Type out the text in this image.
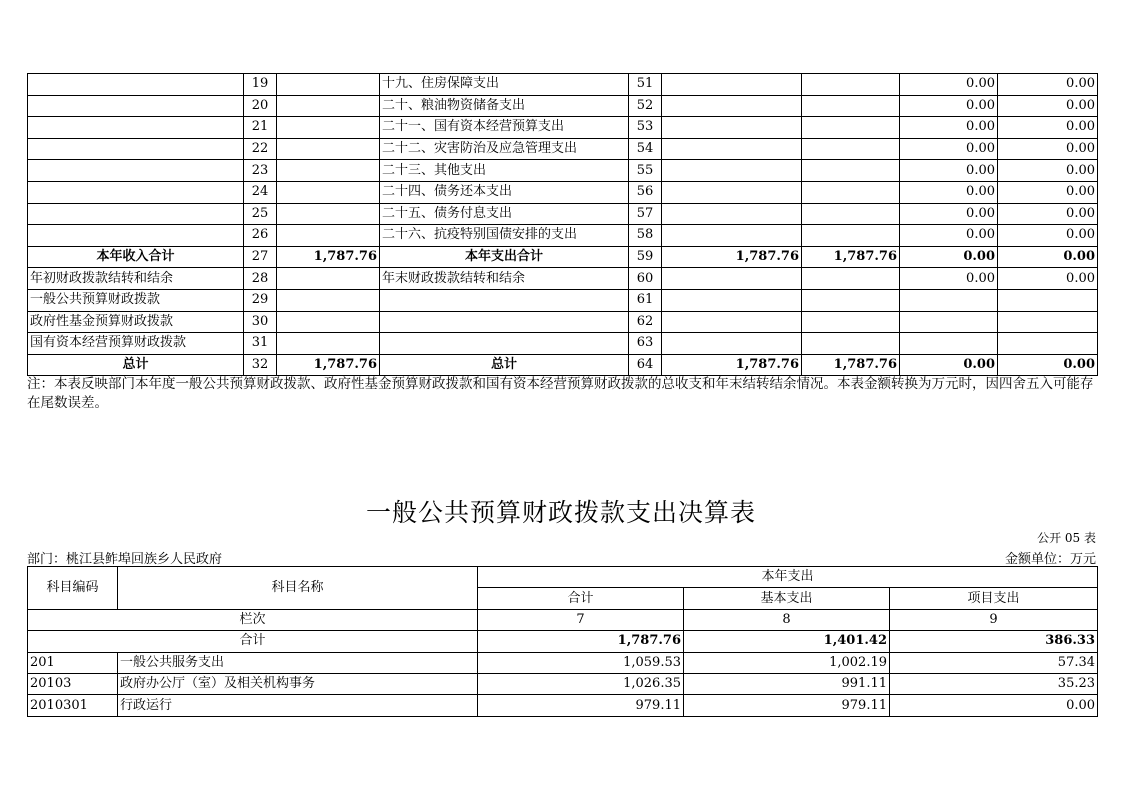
	19		十九、住房保障支出	51			0.00	0.00
	20		二十、粮油物资储备支出	52			0.00	0.00
	21		二十一、国有资本经营预算支出	53			0.00	0.00
	22		二十二、灾害防治及应急管理支出	54			0.00	0.00
	23		二十三、其他支出	55			0.00	0.00
	24		二十四、债务还本支出	56			0.00	0.00
	25		二十五、债务付息支出	57			0.00	0.00
	26		二十六、抗疫特别国债安排的支出	58			0.00	0.00
本年收入合计	27	1,787.76	本年支出合计	59	1,787.76	1,787.76	0.00	0.00
年初财政拨款结转和结余	28		年末财政拨款结转和结余	60			0.00	0.00
一般公共预算财政拨款	29			61				
政府性基金预算财政拨款	30			62				
国有资本经营预算财政拨款	31			63				
总计	32	1,787.76	总计	64	1,787.76	1,787.76	0.00	0.00
注：本表反映部门本年度一般公共预算财政拨款、政府性基金预算财政拨款和国有资本经营预算财政拨款的总收支和年末结转结余情况。本表金额转换为万元时，因四舍五入可能存在尾数误差。
一般公共预算财政拨款支出决算表
公开 05 表
部门：桃江县鲊埠回族乡人民政府	金额单位：万元
科目编码	科目名称	本年支出		
		合计	基本支出	项目支出
栏次		7	8	9
合计		1,787.76	1,401.42	386.33
201	一般公共服务支出	1,059.53	1,002.19	57.34
20103	政府办公厅（室）及相关机构事务	1,026.35	991.11	35.23
2010301	行政运行	979.11	979.11	0.00
